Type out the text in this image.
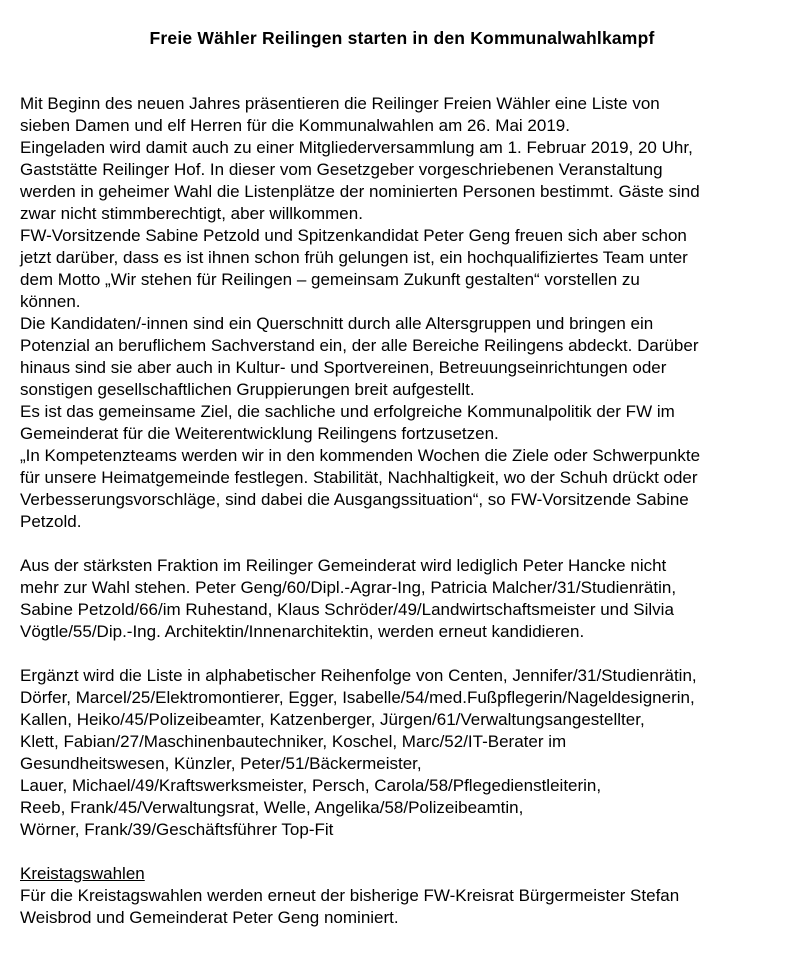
Freie Wähler Reilingen starten in den Kommunalwahlkampf
Mit Beginn des neuen Jahres präsentieren die Reilinger Freien Wähler eine Liste von
sieben Damen und elf Herren für die Kommunalwahlen am 26. Mai 2019.
Eingeladen wird damit auch zu einer Mitgliederversammlung am 1. Februar 2019, 20 Uhr,
Gaststätte Reilinger Hof. In dieser vom Gesetzgeber vorgeschriebenen Veranstaltung
werden in geheimer Wahl die Listenplätze der nominierten Personen bestimmt. Gäste sind
zwar nicht stimmberechtigt, aber willkommen.
FW-Vorsitzende Sabine Petzold und Spitzenkandidat Peter Geng freuen sich aber schon
jetzt darüber, dass es ist ihnen schon früh gelungen ist, ein hochqualifiziertes Team unter
dem Motto „Wir stehen für Reilingen – gemeinsam Zukunft gestalten“ vorstellen zu
können.
Die Kandidaten/-innen sind ein Querschnitt durch alle Altersgruppen und bringen ein
Potenzial an beruflichem Sachverstand ein, der alle Bereiche Reilingens abdeckt. Darüber
hinaus sind sie aber auch in Kultur- und Sportvereinen, Betreuungseinrichtungen oder
sonstigen gesellschaftlichen Gruppierungen breit aufgestellt.
Es ist das gemeinsame Ziel, die sachliche und erfolgreiche Kommunalpolitik der FW im
Gemeinderat für die Weiterentwicklung Reilingens fortzusetzen.
„In Kompetenzteams werden wir in den kommenden Wochen die Ziele oder Schwerpunkte
für unsere Heimatgemeinde festlegen. Stabilität, Nachhaltigkeit, wo der Schuh drückt oder
Verbesserungsvorschläge, sind dabei die Ausgangssituation“, so FW-Vorsitzende Sabine
Petzold.
Aus der stärksten Fraktion im Reilinger Gemeinderat wird lediglich Peter Hancke nicht
mehr zur Wahl stehen. Peter Geng/60/Dipl.-Agrar-Ing, Patricia Malcher/31/Studienrätin,
Sabine Petzold/66/im Ruhestand, Klaus Schröder/49/Landwirtschaftsmeister und Silvia
Vögtle/55/Dip.-Ing. Architektin/Innenarchitektin, werden erneut kandidieren.
Ergänzt wird die Liste in alphabetischer Reihenfolge von Centen, Jennifer/31/Studienrätin,
Dörfer, Marcel/25/Elektromontierer, Egger, Isabelle/54/med.Fußpflegerin/Nageldesignerin,
Kallen, Heiko/45/Polizeibeamter, Katzenberger, Jürgen/61/Verwaltungsangestellter,
Klett, Fabian/27/Maschinenbautechniker, Koschel, Marc/52/IT-Berater im
Gesundheitswesen, Künzler, Peter/51/Bäckermeister,
Lauer, Michael/49/Kraftswerksmeister, Persch, Carola/58/Pflegedienstleiterin,
Reeb, Frank/45/Verwaltungsrat, Welle, Angelika/58/Polizeibeamtin,
Wörner, Frank/39/Geschäftsführer Top-Fit
Kreistagswahlen
Für die Kreistagswahlen werden erneut der bisherige FW-Kreisrat Bürgermeister Stefan
Weisbrod und Gemeinderat Peter Geng nominiert.
